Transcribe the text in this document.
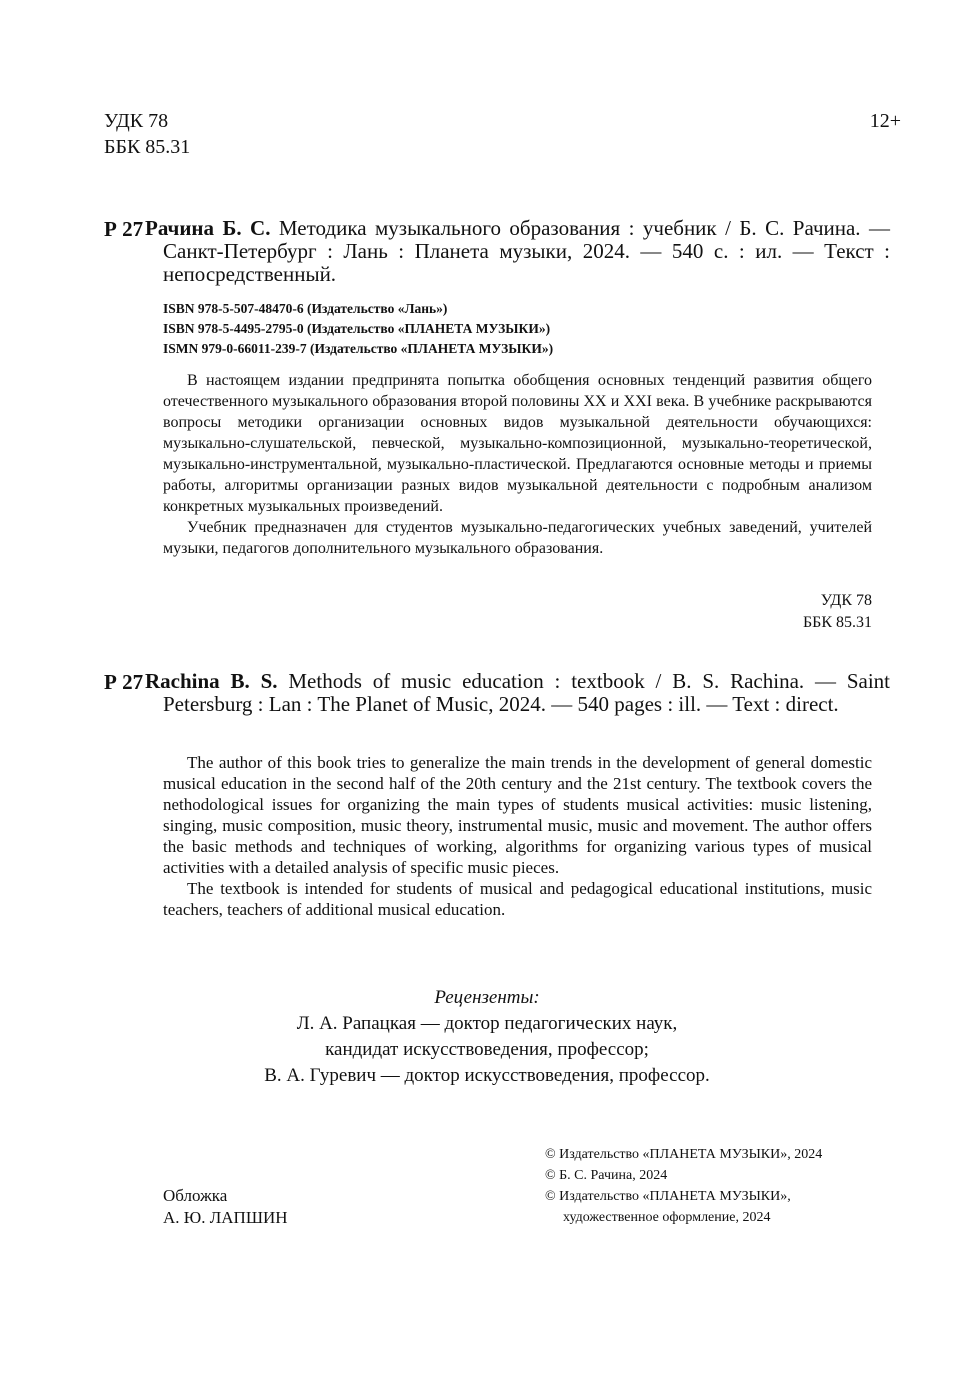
УДК 78
ББК 85.31
12+
Р 27 Рачина Б. С. Методика музыкального образования : учебник / Б. С. Рачина. — Санкт-Петербург : Лань : Планета музыки, 2024. — 540 с. : ил. — Текст : непосредственный.
ISBN 978-5-507-48470-6 (Издательство «Лань»)
ISBN 978-5-4495-2795-0 (Издательство «ПЛАНЕТА МУЗЫКИ»)
ISMN 979-0-66011-239-7 (Издательство «ПЛАНЕТА МУЗЫКИ»)

В настоящем издании предпринята попытка обобщения основных тенденций развития общего отечественного музыкального образования второй половины XX и XXI века. В учебнике раскрываются вопросы методики организации основных видов музыкальной деятельности обучающихся: музыкально-слушательской, певческой, музыкально-композиционной, музыкально-теоретической, музыкально-инструментальной, музыкально-пластической. Предлагаются основные методы и приемы работы, алгоритмы организации разных видов музыкальной деятельности с подробным анализом конкретных музыкальных произведений.

Учебник предназначен для студентов музыкально-педагогических учебных заведений, учителей музыки, педагогов дополнительного музыкального образования.

УДК 78
ББК 85.31
Р 27 Rachina B. S. Methods of music education : textbook / B. S. Rachina. — Saint Petersburg : Lan : The Planet of Music, 2024. — 540 pages : ill. — Text : direct.

The author of this book tries to generalize the main trends in the development of general domestic musical education in the second half of the 20th century and the 21st century. The textbook covers the nethodological issues for organizing the main types of students musical activities: music listening, singing, music composition, music theory, instrumental music, music and movement. The author offers the basic methods and techniques of working, algorithms for organizing various types of musical activities with a detailed analysis of specific music pieces.

The textbook is intended for students of musical and pedagogical educational institutions, music teachers, teachers of additional musical education.

Рецензенты:
Л. А. Рапацкая — доктор педагогических наук,
кандидат искусствоведения, профессор;
В. А. Гуревич — доктор искусствоведения, профессор.
Обложка
А. Ю. ЛАПШИН
© Издательство «ПЛАНЕТА МУЗЫКИ», 2024
© Б. С. Рачина, 2024
© Издательство «ПЛАНЕТА МУЗЫКИ»,
художественное оформление, 2024
